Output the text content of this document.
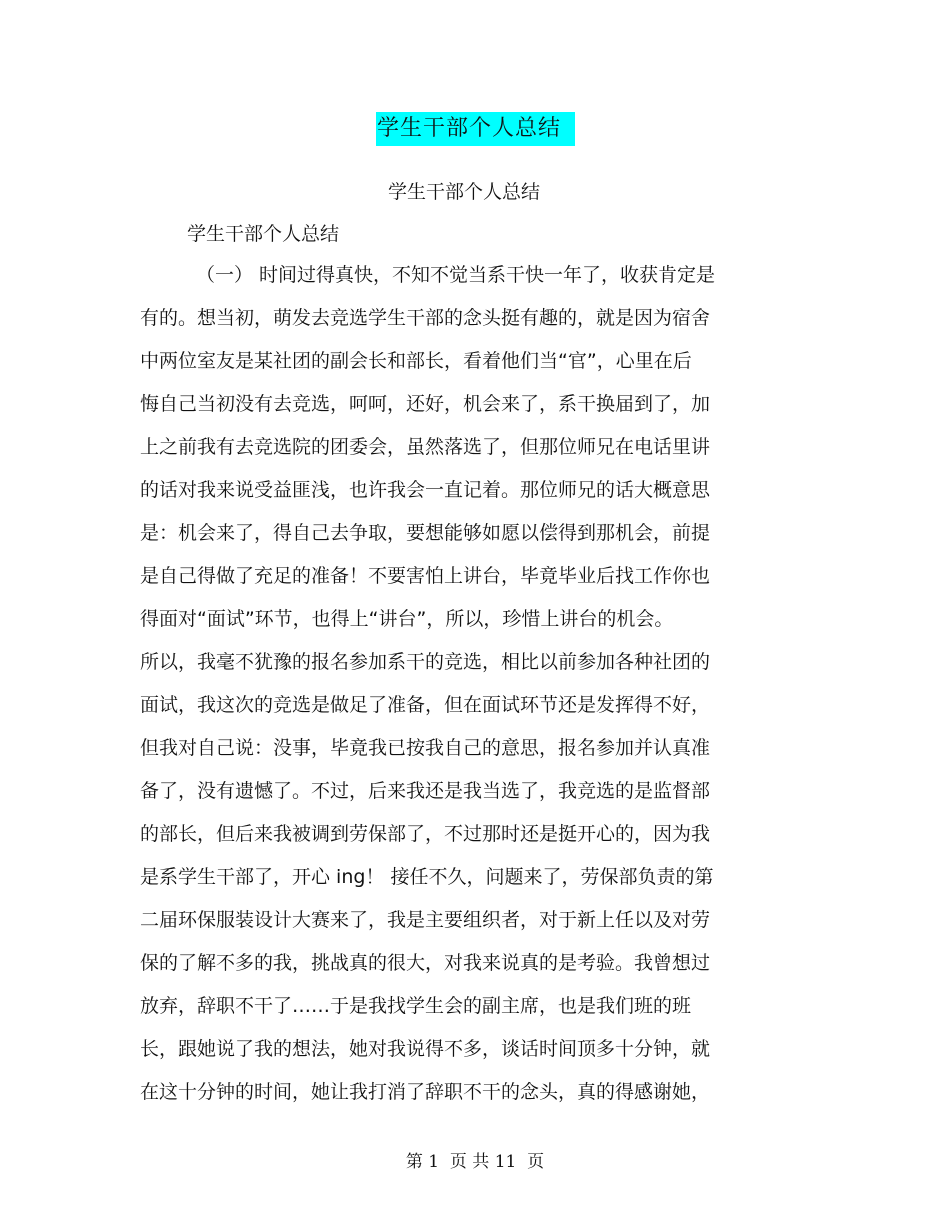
学生干部个人总结
学生干部个人总结
学生干部个人总结
（一） 时间过得真快，不知不觉当系干快一年了，收获肯定是
有的。想当初，萌发去竞选学生干部的念头挺有趣的，就是因为宿舍
中两位室友是某社团的副会长和部长，看着他们当“官”，心里在后
悔自己当初没有去竞选，呵呵，还好，机会来了，系干换届到了，加
上之前我有去竞选院的团委会，虽然落选了，但那位师兄在电话里讲
的话对我来说受益匪浅，也许我会一直记着。那位师兄的话大概意思
是：机会来了，得自己去争取，要想能够如愿以偿得到那机会，前提
是自己得做了充足的准备！不要害怕上讲台，毕竟毕业后找工作你也
得面对“面试”环节，也得上“讲台”，所以，珍惜上讲台的机会。
所以，我毫不犹豫的报名参加系干的竞选，相比以前参加各种社团的
面试，我这次的竞选是做足了准备，但在面试环节还是发挥得不好，
但我对自己说：没事，毕竟我已按我自己的意思，报名参加并认真准
备了，没有遗憾了。不过，后来我还是我当选了，我竞选的是监督部
的部长，但后来我被调到劳保部了，不过那时还是挺开心的，因为我
是系学生干部了，开心 ing！ 接任不久，问题来了，劳保部负责的第
二届环保服装设计大赛来了，我是主要组织者，对于新上任以及对劳
保的了解不多的我，挑战真的很大，对我来说真的是考验。我曾想过
放弃，辞职不干了……于是我找学生会的副主席，也是我们班的班
长，跟她说了我的想法，她对我说得不多，谈话时间顶多十分钟，就
在这十分钟的时间，她让我打消了辞职不干的念头，真的得感谢她，
第 1  页 共 11  页
